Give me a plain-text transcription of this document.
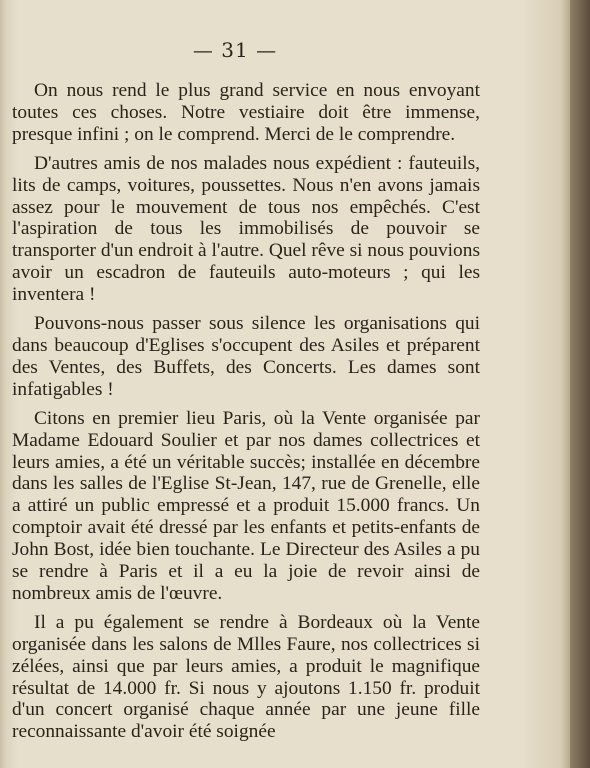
— 31 —

On nous rend le plus grand service en nous envoyant toutes ces choses. Notre vestiaire doit être immense, presque infini ; on le comprend. Merci de le comprendre.

D'autres amis de nos malades nous expédient : fauteuils, lits de camps, voitures, poussettes. Nous n'en avons jamais assez pour le mouvement de tous nos empêchés. C'est l'aspiration de tous les immobilisés de pouvoir se transporter d'un endroit à l'autre. Quel rêve si nous pouvions avoir un escadron de fauteuils auto-moteurs ; qui les inventera !

Pouvons-nous passer sous silence les organisations qui dans beaucoup d'Eglises s'occupent des Asiles et préparent des Ventes, des Buffets, des Concerts. Les dames sont infatigables !

Citons en premier lieu Paris, où la Vente organisée par Madame Edouard Soulier et par nos dames collectrices et leurs amies, a été un véritable succès; installée en décembre dans les salles de l'Eglise St-Jean, 147, rue de Grenelle, elle a attiré un public empressé et a produit 15.000 francs. Un comptoir avait été dressé par les enfants et petits-enfants de John Bost, idée bien touchante. Le Directeur des Asiles a pu se rendre à Paris et il a eu la joie de revoir ainsi de nombreux amis de l'œuvre.

Il a pu également se rendre à Bordeaux où la Vente organisée dans les salons de Mlles Faure, nos collectrices si zélées, ainsi que par leurs amies, a produit le magnifique résultat de 14.000 fr. Si nous y ajoutons 1.150 fr. produit d'un concert organisé chaque année par une jeune fille reconnaissante d'avoir été soignée
